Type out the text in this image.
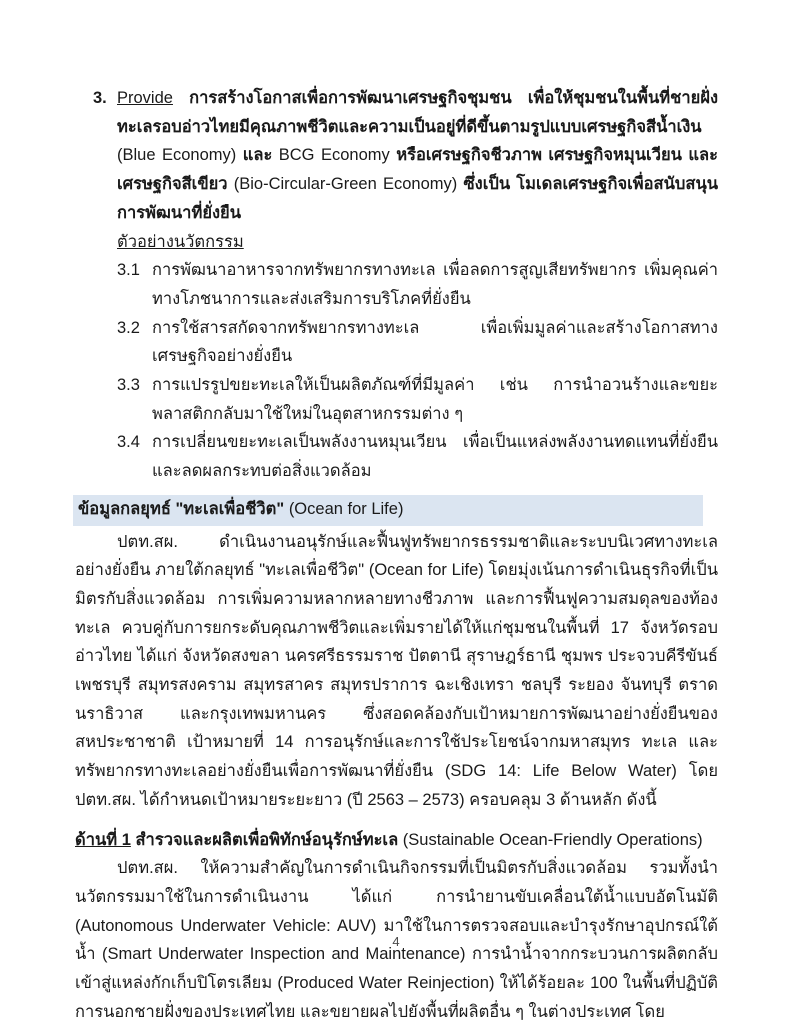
3. Provide การสร้างโอกาสเพื่อการพัฒนาเศรษฐกิจชุมชน เพื่อให้ชุมชนในพื้นที่ชายฝั่งทะเลรอบอ่าวไทยมีคุณภาพชีวิตและความเป็นอยู่ที่ดีขึ้นตามรูปแบบเศรษฐกิจสีน้ำเงิน (Blue Economy) และ BCG Economy หรือเศรษฐกิจชีวภาพ เศรษฐกิจหมุนเวียน และเศรษฐกิจสีเขียว (Bio-Circular-Green Economy) ซึ่งเป็น โมเดลเศรษฐกิจเพื่อสนับสนุนการพัฒนาที่ยั่งยืน
ตัวอย่างนวัตกรรม
3.1 การพัฒนาอาหารจากทรัพยากรทางทะเล เพื่อลดการสูญเสียทรัพยากร เพิ่มคุณค่าทางโภชนาการและส่งเสริมการบริโภคที่ยั่งยืน
3.2 การใช้สารสกัดจากทรัพยากรทางทะเล เพื่อเพิ่มมูลค่าและสร้างโอกาสทางเศรษฐกิจอย่างยั่งยืน
3.3 การแปรรูปขยะทะเลให้เป็นผลิตภัณฑ์ที่มีมูลค่า เช่น การนำอวนร้างและขยะพลาสติกกลับมาใช้ใหม่ในอุตสาหกรรมต่าง ๆ
3.4 การเปลี่ยนขยะทะเลเป็นพลังงานหมุนเวียน เพื่อเป็นแหล่งพลังงานทดแทนที่ยั่งยืนและลดผลกระทบต่อสิ่งแวดล้อม
ข้อมูลกลยุทธ์ "ทะเลเพื่อชีวิต" (Ocean for Life)

ปตท.สผ. ดำเนินงานอนุรักษ์และฟื้นฟูทรัพยากรธรรมชาติและระบบนิเวศทางทะเลอย่างยั่งยืน ภายใต้กลยุทธ์ "ทะเลเพื่อชีวิต" (Ocean for Life) โดยมุ่งเน้นการดำเนินธุรกิจที่เป็นมิตรกับสิ่งแวดล้อม การเพิ่มความหลากหลายทางชีวภาพ และการฟื้นฟูความสมดุลของท้องทะเล ควบคู่กับการยกระดับคุณภาพชีวิตและเพิ่มรายได้ให้แก่ชุมชนในพื้นที่ 17 จังหวัดรอบอ่าวไทย ได้แก่ จังหวัดสงขลา นครศรีธรรมราช ปัตตานี สุราษฎร์ธานี ชุมพร ประจวบคีรีขันธ์ เพชรบุรี สมุทรสงคราม สมุทรสาคร สมุทรปราการ ฉะเชิงเทรา ชลบุรี ระยอง จันทบุรี ตราด นราธิวาส และกรุงเทพมหานคร ซึ่งสอดคล้องกับเป้าหมายการพัฒนาอย่างยั่งยืนของสหประชาชาติ เป้าหมายที่ 14 การอนุรักษ์และการใช้ประโยชน์จากมหาสมุทร ทะเล และทรัพยากรทางทะเลอย่างยั่งยืนเพื่อการพัฒนาที่ยั่งยืน (SDG 14: Life Below Water) โดย ปตท.สผ. ได้กำหนดเป้าหมายระยะยาว (ปี 2563 – 2573) ครอบคลุม 3 ด้านหลัก ดังนี้

ด้านที่ 1 สำรวจและผลิตเพื่อพิทักษ์อนุรักษ์ทะเล (Sustainable Ocean-Friendly Operations)

ปตท.สผ. ให้ความสำคัญในการดำเนินกิจกรรมที่เป็นมิตรกับสิ่งแวดล้อม รวมทั้งนำนวัตกรรมมาใช้ในการดำเนินงาน ได้แก่ การนำยานขับเคลื่อนใต้น้ำแบบอัตโนมัติ (Autonomous Underwater Vehicle: AUV) มาใช้ในการตรวจสอบและบำรุงรักษาอุปกรณ์ใต้น้ำ (Smart Underwater Inspection and Maintenance) การนำน้ำจากกระบวนการผลิตกลับเข้าสู่แหล่งกักเก็บปิโตรเลียม (Produced Water Reinjection) ให้ได้ร้อยละ 100 ในพื้นที่ปฏิบัติการนอกชายฝั่งของประเทศไทย และขยายผลไปยังพื้นที่ผลิตอื่น ๆ ในต่างประเทศ โดย

4
